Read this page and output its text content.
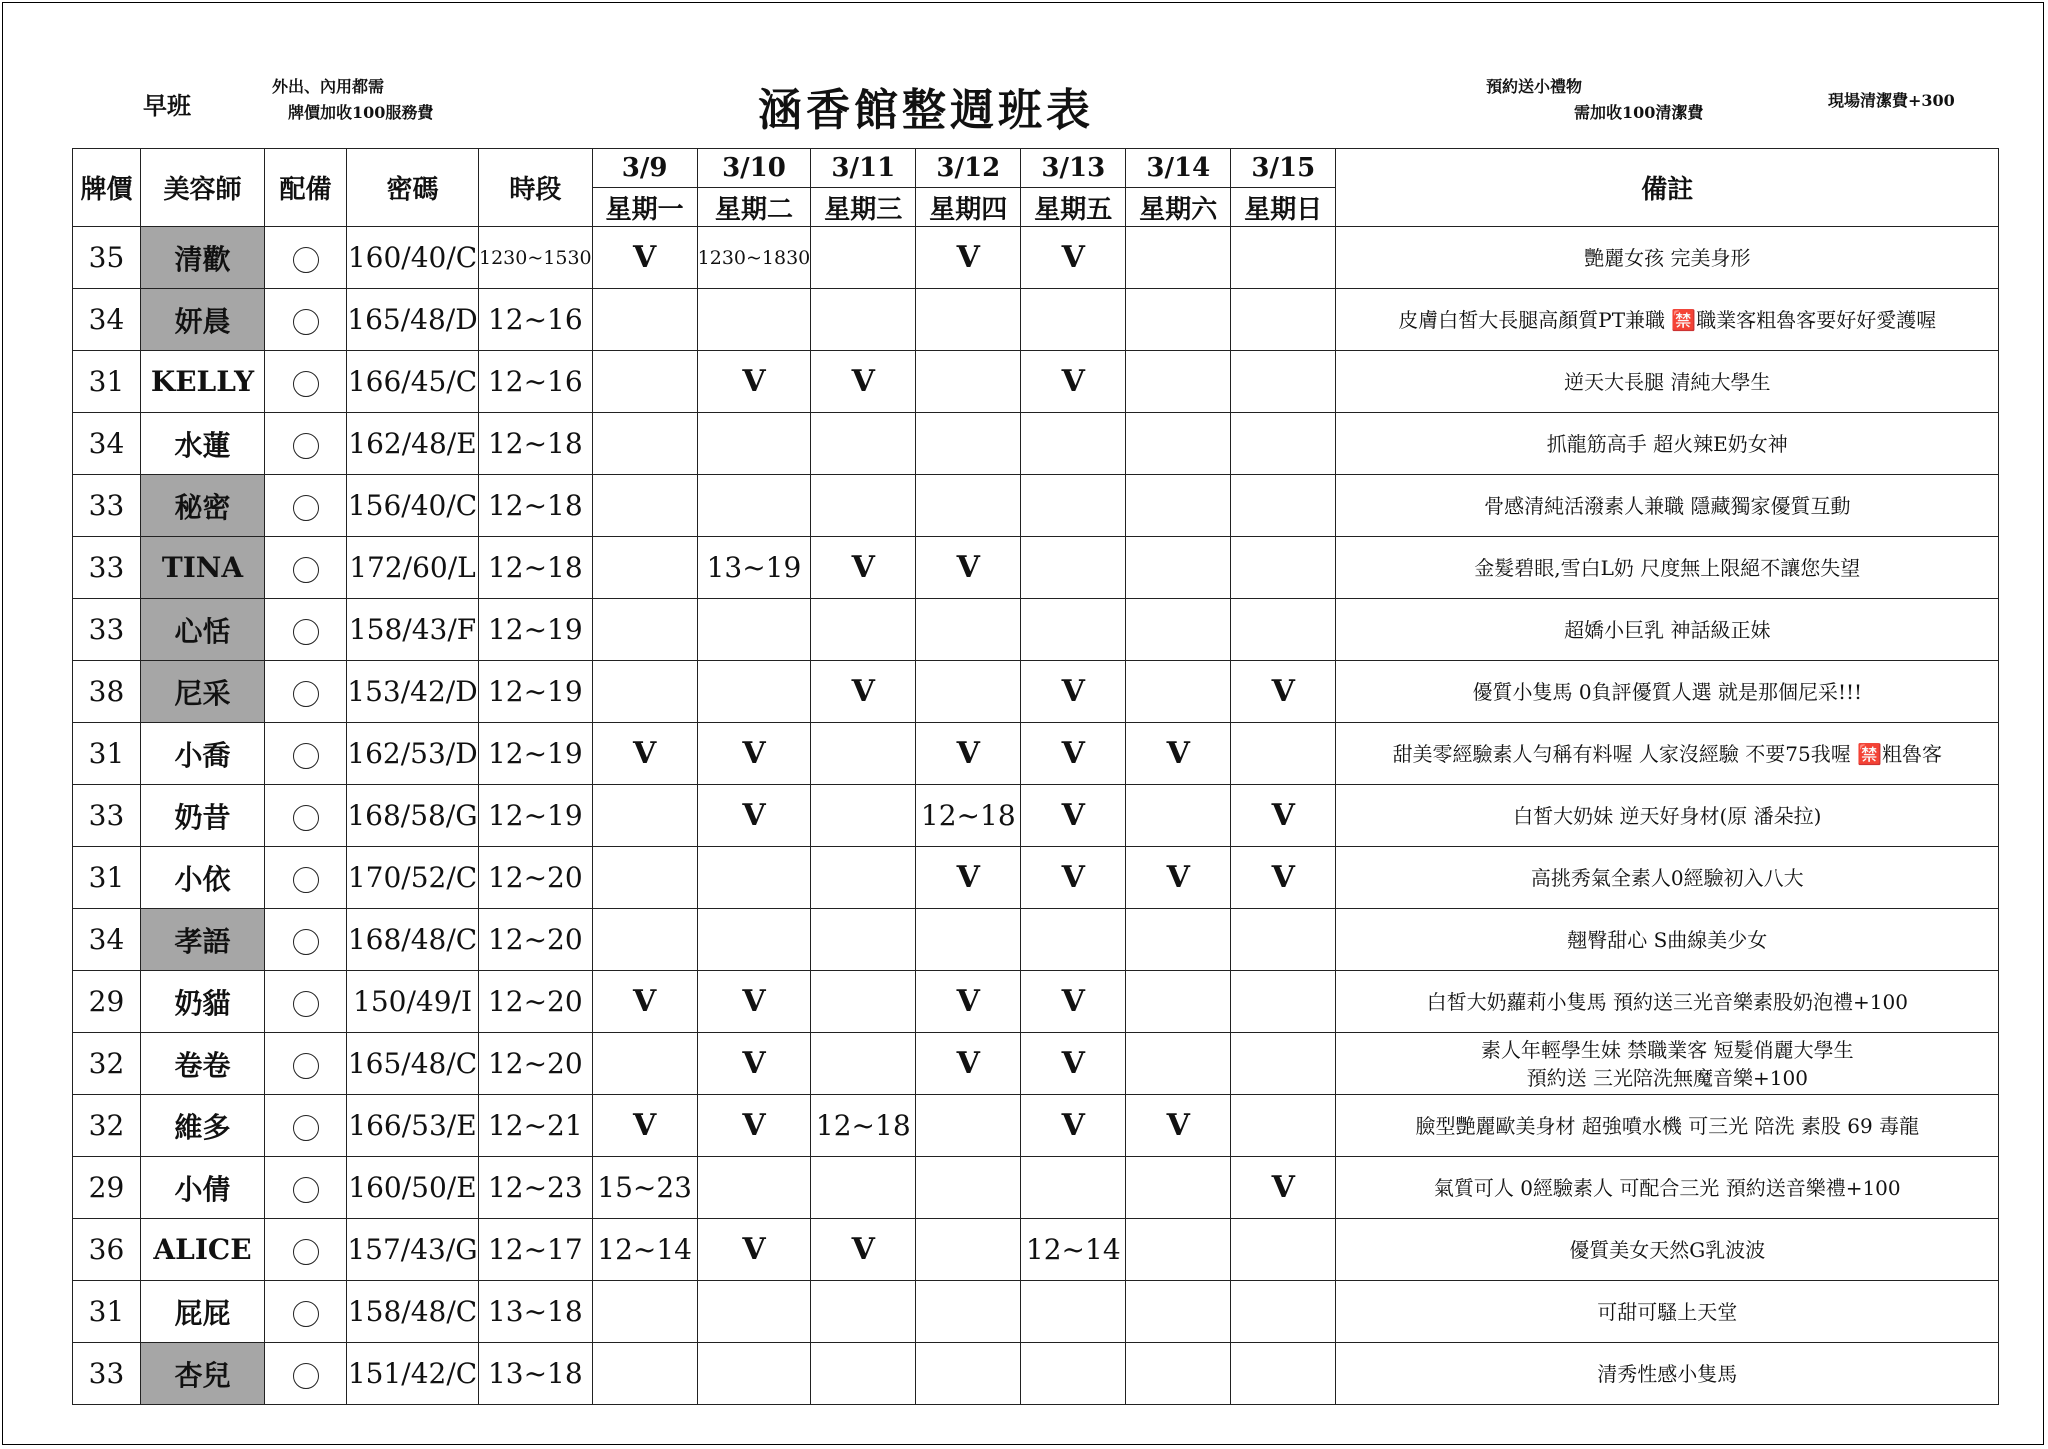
早班
外出、內用都需
牌價加收100服務費	涵香館整週班表	預約送小禮物
需加收100清潔費
現場清潔費+300
牌價	美容師	配備	密碼	時段	3/9	3/10	3/11	3/12	3/13	3/14	3/15	備註
					星期一	星期二	星期三	星期四	星期五	星期六	星期日	
35	清歡		160/40/C	1230~1530	V	1230~1830		V	V			艷麗女孩 完美身形

34	妍晨		165/48/D	12~16								皮膚白皙大長腿高顏質PT兼職 🈲職業客粗魯客要好好愛護喔

31	KELLY		166/45/C	12~16		V	V		V			逆天大長腿 清純大學生

34	水蓮		162/48/E	12~18								抓龍筋高手 超火辣E奶女神

33	秘密		156/40/C	12~18								骨感清純活潑素人兼職 隱藏獨家優質互動

33	TINA		172/60/L	12~18		13~19	V	V				金髮碧眼,雪白L奶 尺度無上限絕不讓您失望

33	心恬		158/43/F	12~19								超嬌小巨乳 神話級正妹

38	尼采		153/42/D	12~19			V		V		V	優質小隻馬 0負評優質人選 就是那個尼采!!!

31	小喬		162/53/D	12~19	V	V		V	V	V		甜美零經驗素人勻稱有料喔 人家沒經驗 不要75我喔 🈲粗魯客

33	奶昔		168/58/G	12~19		V		12~18	V		V	白皙大奶妹 逆天好身材(原 潘朵拉)

31	小依		170/52/C	12~20				V	V	V	V	高挑秀氣全素人0經驗初入八大

34	孝語		168/48/C	12~20								翹臀甜心 S曲線美少女

29	奶貓		150/49/I	12~20	V	V		V	V			白皙大奶蘿莉小隻馬 預約送三光音樂素股奶泡禮+100

32	卷卷		165/48/C	12~20		V		V	V			素人年輕學生妹 禁職業客 短髮俏麗大學生
預約送 三光陪洗無魔音樂+100

32	維多		166/53/E	12~21	V	V	12~18		V	V		臉型艷麗歐美身材 超強噴水機 可三光 陪洗 素股 69 毒龍

29	小倩		160/50/E	12~23	15~23						V	氣質可人 0經驗素人 可配合三光 預約送音樂禮+100

36	ALICE		157/43/G	12~17	12~14	V	V		12~14			優質美女天然G乳波波

31	屁屁		158/48/C	13~18								可甜可騷上天堂

33	杏兒		151/42/C	13~18								清秀性感小隻馬
